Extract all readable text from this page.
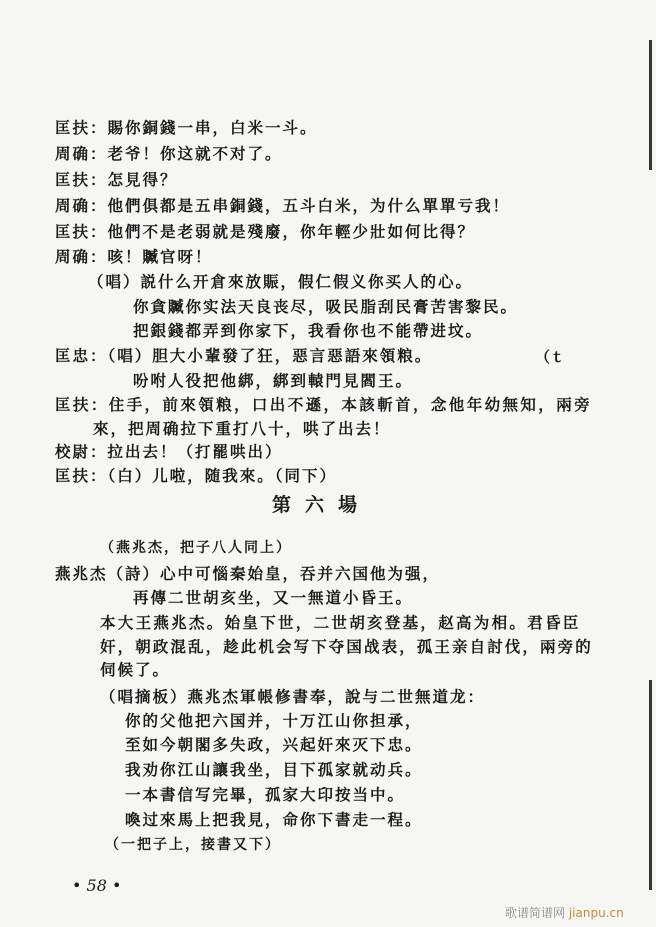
匡扶：賜你銅錢一串，白米一斗。
周确：老爷！你这就不对了。
匡扶：怎見得？
周确：他們俱都是五串銅錢，五斗白米，为什么單單亏我！
匡扶：他們不是老弱就是殘廢，你年輕少壯如何比得？
周确：咳！贓官呀！
（唱）説什么开倉來放賑，假仁假义你买人的心。
你貪贓你实法天良丧尽，吸民脂刮民膏苦害黎民。
把銀錢都弄到你家下，我看你也不能帶进坟。
匡忠：（唱）胆大小輩發了狂，惡言惡語來領粮。
吩咐人役把他綁，綁到轅門見閻王。
匡扶：住手，前來領粮，口出不遜，本該斬首，念他年幼無知，兩旁
來，把周确拉下重打八十，哄了出去！
校尉：拉出去！（打罷哄出）
匡扶：（白）儿啦，随我來。（同下）
（ｔ
第六場
（燕兆杰，把子八人同上）
燕兆杰（詩）心中可惱秦始皇，吞并六国他为强，
再傳二世胡亥坐，又一無道小昏王。
本大王燕兆杰。始皇下世，二世胡亥登基，赵高为相。君昏臣
奸，朝政混乱，趁此机会写下夺国战表，孤王亲自討伐，兩旁的
伺候了。
（唱摘板）燕兆杰軍帳修書奉，說与二世無道龙：
你的父他把六国并，十万江山你担承，
至如今朝閣多失政，兴起奸來灭下忠。
我劝你江山讓我坐，目下孤家就动兵。
一本書信写完畢，孤家大印按当中。
喚过來馬上把我見，命你下書走一程。
（一把子上，接書又下）
• 58 •
歌谱简谱网 jianpu.cn
